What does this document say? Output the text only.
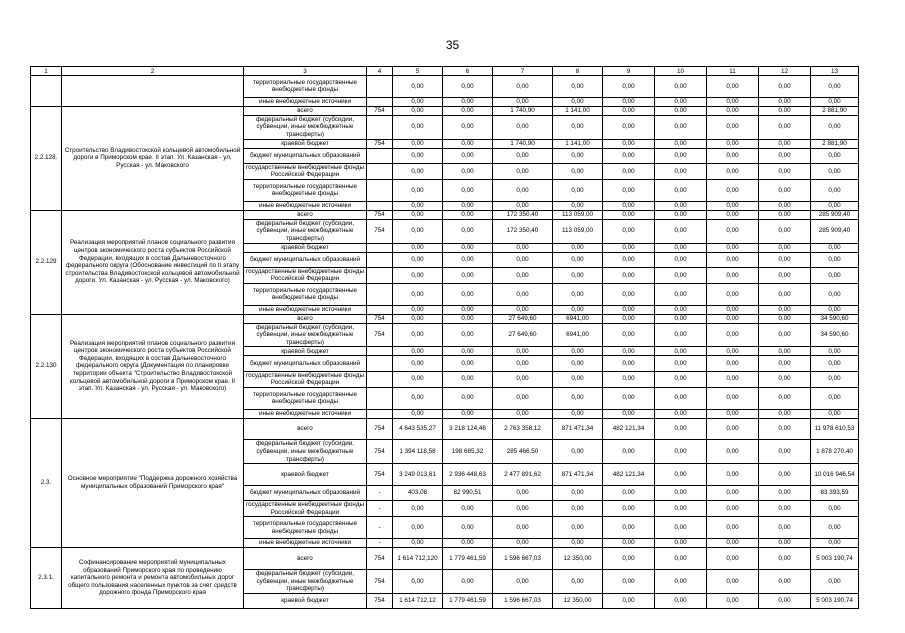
35
1	2	3	4	5	6	7	8	9	10	11	12	13
		территориальные государственные внебюджетные фонды		0,00	0,00	0,00	0,00	0,00	0,00	0,00	0,00	0,00
		иные внебюджетные источники		0,00	0,00	0,00	0,00	0,00	0,00	0,00	0,00	0,00
2.2.128.	Строительство Владивостокской кольцевой автомобильной дороги в Приморском крае. II этап. Ул. Казанская - ул. Русская - ул. Маковского	всего	754	0,00	0,00	1 740,90	1 141,00	0,00	0,00	0,00	0,00	2 881,90
		федеральный бюджет (субсидии, субвенции, иные межбюджетные трансферты)		0,00	0,00	0,00	0,00	0,00	0,00	0,00	0,00	0,00
		краевой бюджет	754	0,00	0,00	1 740,90	1 141,00	0,00	0,00	0,00	0,00	2 881,90
		бюджет муниципальных образований		0,00	0,00	0,00	0,00	0,00	0,00	0,00	0,00	0,00
		государственные внебюджетные фонды Российской Федерации		0,00	0,00	0,00	0,00	0,00	0,00	0,00	0,00	0,00
		территориальные государственные внебюджетные фонды		0,00	0,00	0,00	0,00	0,00	0,00	0,00	0,00	0,00
		иные внебюджетные источники		0,00	0,00	0,00	0,00	0,00	0,00	0,00	0,00	0,00
2.2.129	Реализация мероприятий планов социального развития центров экономического роста субъектов Российской Федерации, входящих в состав Дальневосточного федерального округа (Обоснование инвестиций по II этапу строительства Владивостокской кольцевой автомобильной дороги. Ул. Казанская - ул. Русская - ул. Маковского)	всего	754	0,00	0,00	172 350,40	113 059,00	0,00	0,00	0,00	0,00	285 909,40
		федеральный бюджет (субсидии, субвенции, иные межбюджетные трансферты)	754	0,00	0,00	172 350,40	113 059,00	0,00	0,00	0,00	0,00	285 909,40
		краевой бюджет		0,00	0,00	0,00	0,00	0,00	0,00	0,00	0,00	0,00
		бюджет муниципальных образований		0,00	0,00	0,00	0,00	0,00	0,00	0,00	0,00	0,00
		государственные внебюджетные фонды Российской Федерации		0,00	0,00	0,00	0,00	0,00	0,00	0,00	0,00	0,00
		территориальные государственные внебюджетные фонды		0,00	0,00	0,00	0,00	0,00	0,00	0,00	0,00	0,00
		иные внебюджетные источники		0,00	0,00	0,00	0,00	0,00	0,00	0,00	0,00	0,00
2.2.130	Реализация мероприятий планов социального развития центров экономического роста субъектов Российской Федерации, входящих в состав Дальневосточного федерального округа (Документация по планировке территории объекта "Строительство Владивостокской кольцевой автомобильной дороги в Приморском крае. II этап. Ул. Казанская - ул. Русская - ул. Маковского)	всего	754	0,00	0,00	27 649,60	6941,00	0,00	0,00	0,00	0,00	34 590,60
		федеральный бюджет (субсидии, субвенции, иные межбюджетные трансферты)	754	0,00	0,00	27 649,60	6941,00	0,00	0,00	0,00	0,00	34 590,60
		краевой бюджет		0,00	0,00	0,00	0,00	0,00	0,00	0,00	0,00	0,00
		бюджет муниципальных образований		0,00	0,00	0,00	0,00	0,00	0,00	0,00	0,00	0,00
		государственные внебюджетные фонды Российской Федерации		0,00	0,00	0,00	0,00	0,00	0,00	0,00	0,00	0,00
		территориальные государственные внебюджетные фонды		0,00	0,00	0,00	0,00	0,00	0,00	0,00	0,00	0,00
		иные внебюджетные источники		0,00	0,00	0,00	0,00	0,00	0,00	0,00	0,00	0,00
2.3.	Основное мероприятие "Поддержка дорожного хозяйства муниципальных образований Приморского края"	всего	754	4 643 535,27	3 218 124,46	2 763 358,12	871 471,34	482 121,34	0,00	0,00	0,00	11 978 610,53
		федеральный бюджет (субсидии, субвенции, иные межбюджетные трансферты)	754	1 394 118,58	198 685,32	285 466,50	0,00	0,00	0,00	0,00	0,00	1 878 270,40
		краевой бюджет	754	3 249 013,61	2 936 448,63	2 477 891,62	871 471,34	482 121,34	0,00	0,00	0,00	10 016 946,54
		бюджет муниципальных образований	-	403,08	82 990,51	0,00	0,00	0,00	0,00	0,00	0,00	83 393,59
		государственные внебюджетные фонды Российской Федерации	-	0,00	0,00	0,00	0,00	0,00	0,00	0,00	0,00	0,00
		территориальные государственные внебюджетные фонды	-	0,00	0,00	0,00	0,00	0,00	0,00	0,00	0,00	0,00
		иные внебюджетные источники	-	0,00	0,00	0,00	0,00	0,00	0,00	0,00	0,00	0,00
2.3.1.	Софинансирование мероприятий муниципальных образований Приморского края по проведению капитального ремонта и ремонта автомобильных дорог общего пользования населенных пунктов за счет средств дорожного фонда Приморского края	всего	754	1 614 712,120	1 779 461,59	1 596 667,03	12 350,00	0,00	0,00	0,00	0,00	5 003 190,74
		федеральный бюджет (субсидии, субвенции, иные межбюджетные трансферты)	754	0,00	0,00	0,00	0,00	0,00	0,00	0,00	0,00	0,00
		краевой бюджет	754	1 614 712,12	1 779 461,59	1 596 667,03	12 350,00	0,00	0,00	0,00	0,00	5 003 190,74
